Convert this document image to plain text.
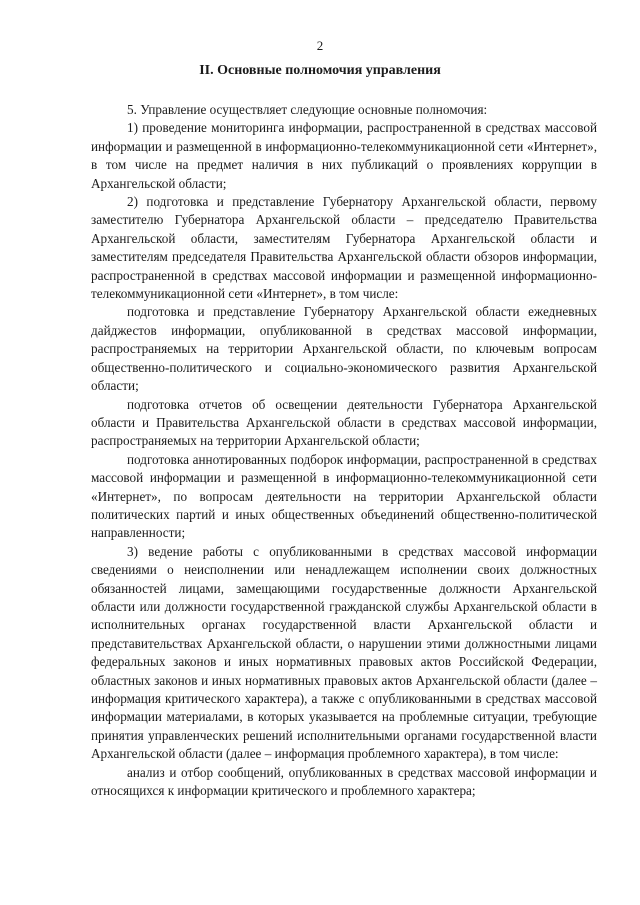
2
II. Основные полномочия управления

5. Управление осуществляет следующие основные полномочия:

1) проведение мониторинга информации, распространенной в средствах массовой информации и размещенной в информационно-телекоммуникационной сети «Интернет», в том числе на предмет наличия в них публикаций о проявлениях коррупции в Архангельской области;

2) подготовка и представление Губернатору Архангельской области, первому заместителю Губернатора Архангельской области – председателю Правительства Архангельской области, заместителям Губернатора Архангельской области и заместителям председателя Правительства Архангельской области обзоров информации, распространенной в средствах массовой информации и размещенной информационно-телекоммуникационной сети «Интернет», в том числе:

подготовка и представление Губернатору Архангельской области ежедневных дайджестов информации, опубликованной в средствах массовой информации, распространяемых на территории Архангельской области, по ключевым вопросам общественно-политического и социально-экономического развития Архангельской области;

подготовка отчетов об освещении деятельности Губернатора Архангельской области и Правительства Архангельской области в средствах массовой информации, распространяемых на территории Архангельской области;

подготовка аннотированных подборок информации, распространенной в средствах массовой информации и размещенной в информационно-телекоммуникационной сети «Интернет», по вопросам деятельности на территории Архангельской области политических партий и иных общественных объединений общественно-политической направленности;

3) ведение работы с опубликованными в средствах массовой информации сведениями о неисполнении или ненадлежащем исполнении своих должностных обязанностей лицами, замещающими государственные должности Архангельской области или должности государственной гражданской службы Архангельской области в исполнительных органах государственной власти Архангельской области и представительствах Архангельской области, о нарушении этими должностными лицами федеральных законов и иных нормативных правовых актов Российской Федерации, областных законов и иных нормативных правовых актов Архангельской области (далее – информация критического характера), а также с опубликованными в средствах массовой информации материалами, в которых указывается на проблемные ситуации, требующие принятия управленческих решений исполнительными органами государственной власти Архангельской области (далее – информация проблемного характера), в том числе:

анализ и отбор сообщений, опубликованных в средствах массовой информации и относящихся к информации критического и проблемного характера;
